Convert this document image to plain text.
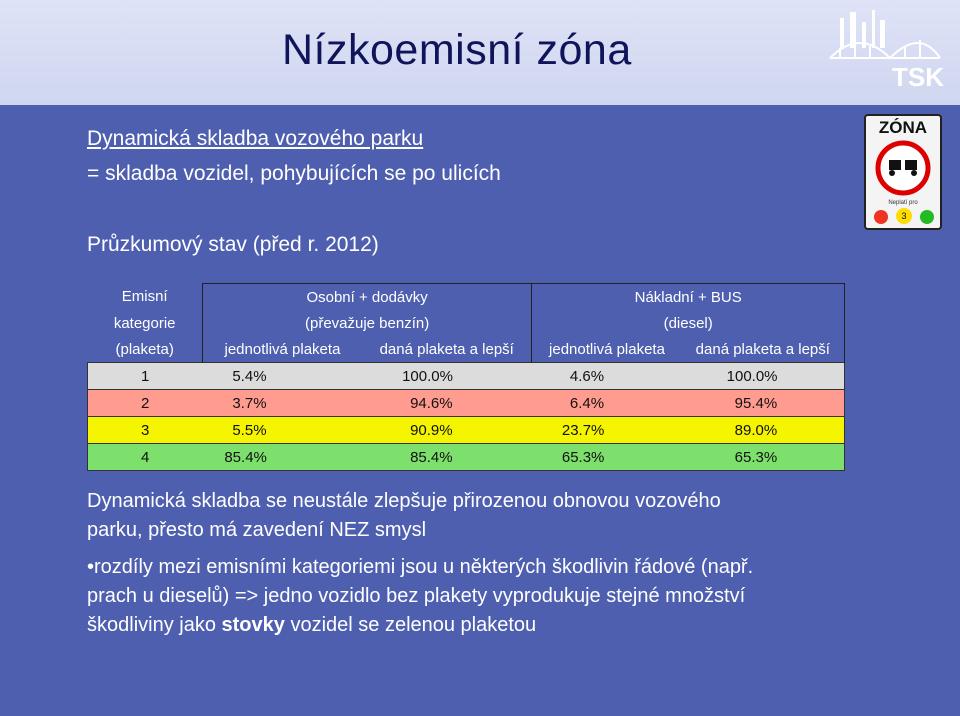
Nízkoemisní zóna
TSK
ZÓNA
Neplatí pro
3
Dynamická skladba vozového parku
= skladba vozidel, pohybujících se po ulicích
Průzkumový stav (před r. 2012)
Emisní	Osobní + dodávky		Nákladní + BUS	
kategorie	(převažuje benzín)		(diesel)	
(plaketa)	jednotlivá plaketa	daná plaketa a lepší	jednotlivá plaketa	daná plaketa a lepší
1	5.4%	100.0%	4.6%	100.0%
2	3.7%	94.6%	6.4%	95.4%
3	5.5%	90.9%	23.7%	89.0%
4	85.4%	85.4%	65.3%	65.3%
Dynamická skladba se neustále zlepšuje přirozenou obnovou vozového
parku, přesto má zavedení NEZ smysl
•rozdíly mezi emisními kategoriemi jsou u některých škodlivin řádové (např.
prach u dieselů) => jedno vozidlo bez plakety vyprodukuje stejné množství
škodliviny jako stovky vozidel se zelenou plaketou
